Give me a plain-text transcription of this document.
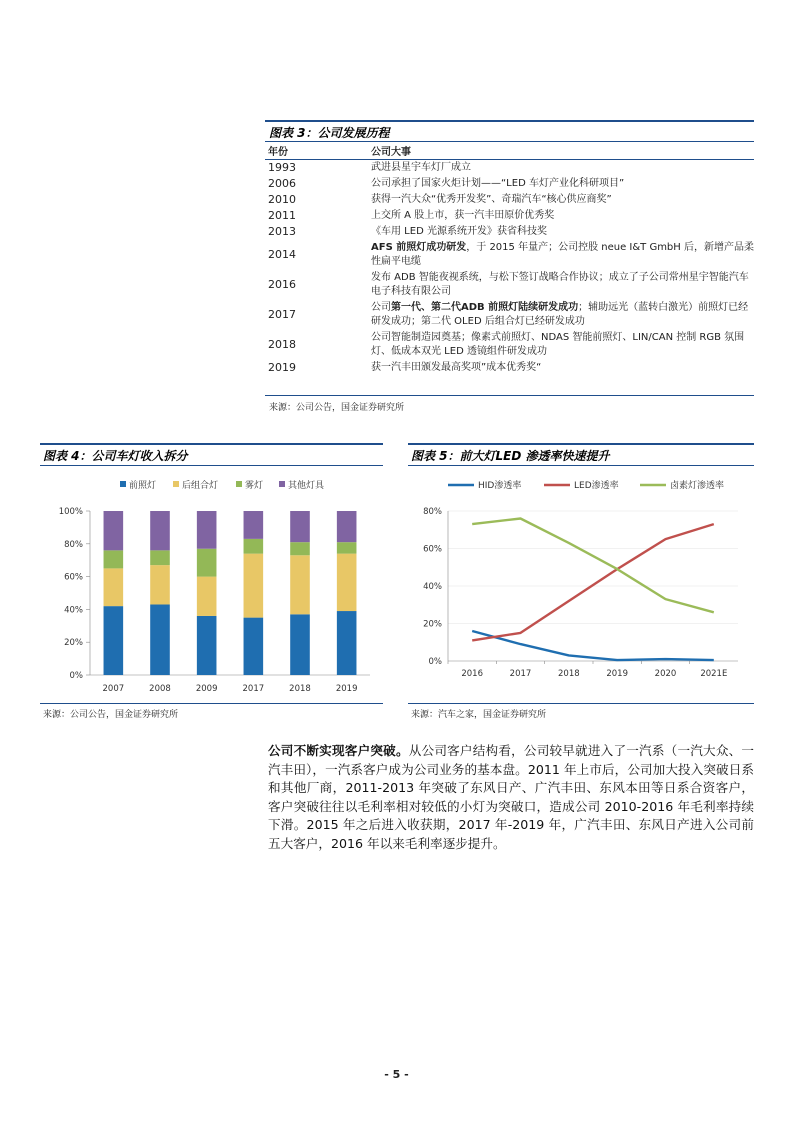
图表 3：公司发展历程
年份	公司大事
1993	武进县星宇车灯厂成立
2006	公司承担了国家火炬计划——“LED 车灯产业化科研项目”
2010	获得一汽大众“优秀开发奖”、奇瑞汽车“核心供应商奖”
2011	上交所 A 股上市，获一汽丰田原价优秀奖
2013	《车用 LED 光源系统开发》获省科技奖
2014	AFS 前照灯成功研发，于 2015 年量产；公司控股 neue I&T GmbH 后，新增产品柔性扁平电缆
2016	发布 ADB 智能夜视系统，与松下签订战略合作协议；成立了子公司常州星宇智能汽车电子科技有限公司
2017	公司第一代、第二代ADB 前照灯陆续研发成功；辅助远光（蓝转白激光）前照灯已经研发成功；第二代 OLED 后组合灯已经研发成功
2018	公司智能制造园奠基；像素式前照灯、NDAS 智能前照灯、LIN/CAN 控制 RGB 氛围灯、低成本双光 LED 透镜组件研发成功
2019	获一汽丰田颁发最高奖项”成本优秀奖“
来源：公司公告，国金证券研究所
图表 4：公司车灯收入拆分
前照灯	后组合灯	雾灯	其他灯具
0%
20%
40%
60%
80%
100%
2007	2008	2009	2017	2018	2019
来源：公司公告，国金证券研究所
图表 5：前大灯LED 渗透率快速提升
HID渗透率	LED渗透率	卤素灯渗透率
0%
20%
40%
60%
80%
2016	2017	2018	2019	2020	2021E
来源：汽车之家，国金证券研究所
公司不断实现客户突破。从公司客户结构看，公司较早就进入了一汽系（一汽大众、一汽丰田），一汽系客户成为公司业务的基本盘。2011 年上市后，公司加大投入突破日系和其他厂商，2011-2013 年突破了东风日产、广汽丰田、东风本田等日系合资客户，客户突破往往以毛利率相对较低的小灯为突破口，造成公司 2010-2016 年毛利率持续下滑。2015 年之后进入收获期，2017 年-2019 年，广汽丰田、东风日产进入公司前五大客户，2016 年以来毛利率逐步提升。
- 5 -
